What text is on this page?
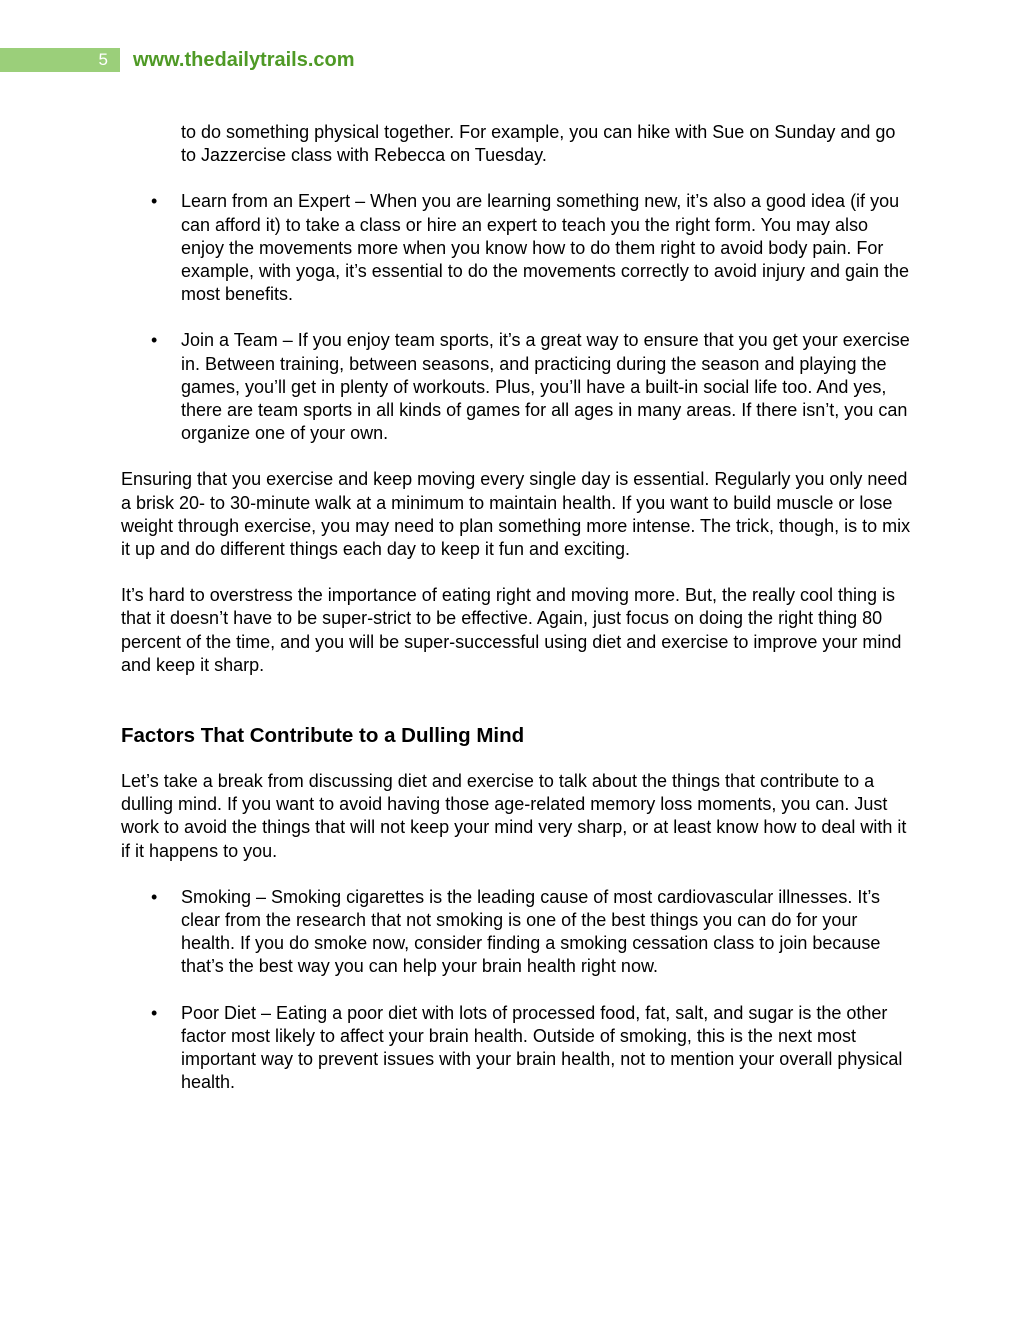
5 www.thedailytrails.com

to do something physical together. For example, you can hike with Sue on Sunday and go to Jazzercise class with Rebecca on Tuesday.

• Learn from an Expert – When you are learning something new, it’s also a good idea (if you can afford it) to take a class or hire an expert to teach you the right form. You may also enjoy the movements more when you know how to do them right to avoid body pain. For example, with yoga, it’s essential to do the movements correctly to avoid injury and gain the most benefits.
• Join a Team – If you enjoy team sports, it’s a great way to ensure that you get your exercise in. Between training, between seasons, and practicing during the season and playing the games, you’ll get in plenty of workouts. Plus, you’ll have a built-in social life too. And yes, there are team sports in all kinds of games for all ages in many areas. If there isn’t, you can organize one of your own.

Ensuring that you exercise and keep moving every single day is essential. Regularly you only need a brisk 20- to 30-minute walk at a minimum to maintain health. If you want to build muscle or lose weight through exercise, you may need to plan something more intense. The trick, though, is to mix it up and do different things each day to keep it fun and exciting.

It’s hard to overstress the importance of eating right and moving more. But, the really cool thing is that it doesn’t have to be super-strict to be effective. Again, just focus on doing the right thing 80 percent of the time, and you will be super-successful using diet and exercise to improve your mind and keep it sharp.

Factors That Contribute to a Dulling Mind

Let’s take a break from discussing diet and exercise to talk about the things that contribute to a dulling mind. If you want to avoid having those age-related memory loss moments, you can. Just work to avoid the things that will not keep your mind very sharp, or at least know how to deal with it if it happens to you.

• Smoking – Smoking cigarettes is the leading cause of most cardiovascular illnesses. It’s clear from the research that not smoking is one of the best things you can do for your health. If you do smoke now, consider finding a smoking cessation class to join because that’s the best way you can help your brain health right now.
• Poor Diet – Eating a poor diet with lots of processed food, fat, salt, and sugar is the other factor most likely to affect your brain health. Outside of smoking, this is the next most important way to prevent issues with your brain health, not to mention your overall physical health.
